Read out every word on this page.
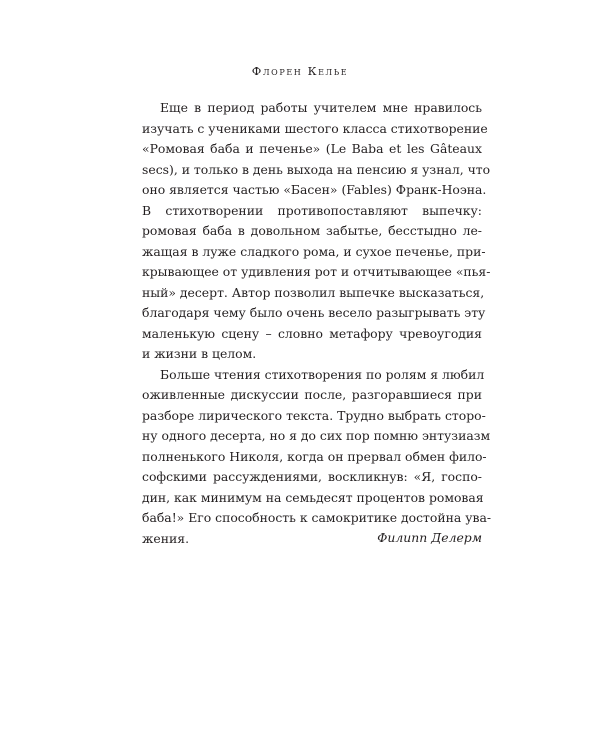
Флорен Келье
Еще в период работы учителем мне нравилось
изучать с учениками шестого класса стихотворение
«Ромовая баба и печенье» (Le Baba et les Gâteaux
secs), и только в день выхода на пенсию я узнал, что
оно является частью «Басен» (Fables) Франк-Ноэна.
В стихотворении противопоставляют выпечку:
ромовая баба в довольном забытье, бесстыдно ле-
жащая в луже сладкого рома, и сухое печенье, при-
крывающее от удивления рот и отчитывающее «пья-
ный» десерт. Автор позволил выпечке высказаться,
благодаря чему было очень весело разыгрывать эту
маленькую сцену – словно метафору чревоугодия
и жизни в целом.
Больше чтения стихотворения по ролям я любил
оживленные дискуссии после, разгоравшиеся при
разборе лирического текста. Трудно выбрать сторо-
ну одного десерта, но я до сих пор помню энтузиазм
полненького Николя, когда он прервал обмен фило-
софскими рассуждениями, воскликнув: «Я, госпо-
дин, как минимум на семьдесят процентов ромовая
баба!» Его способность к самокритике достойна ува-
жения.	Филипп Делерм
